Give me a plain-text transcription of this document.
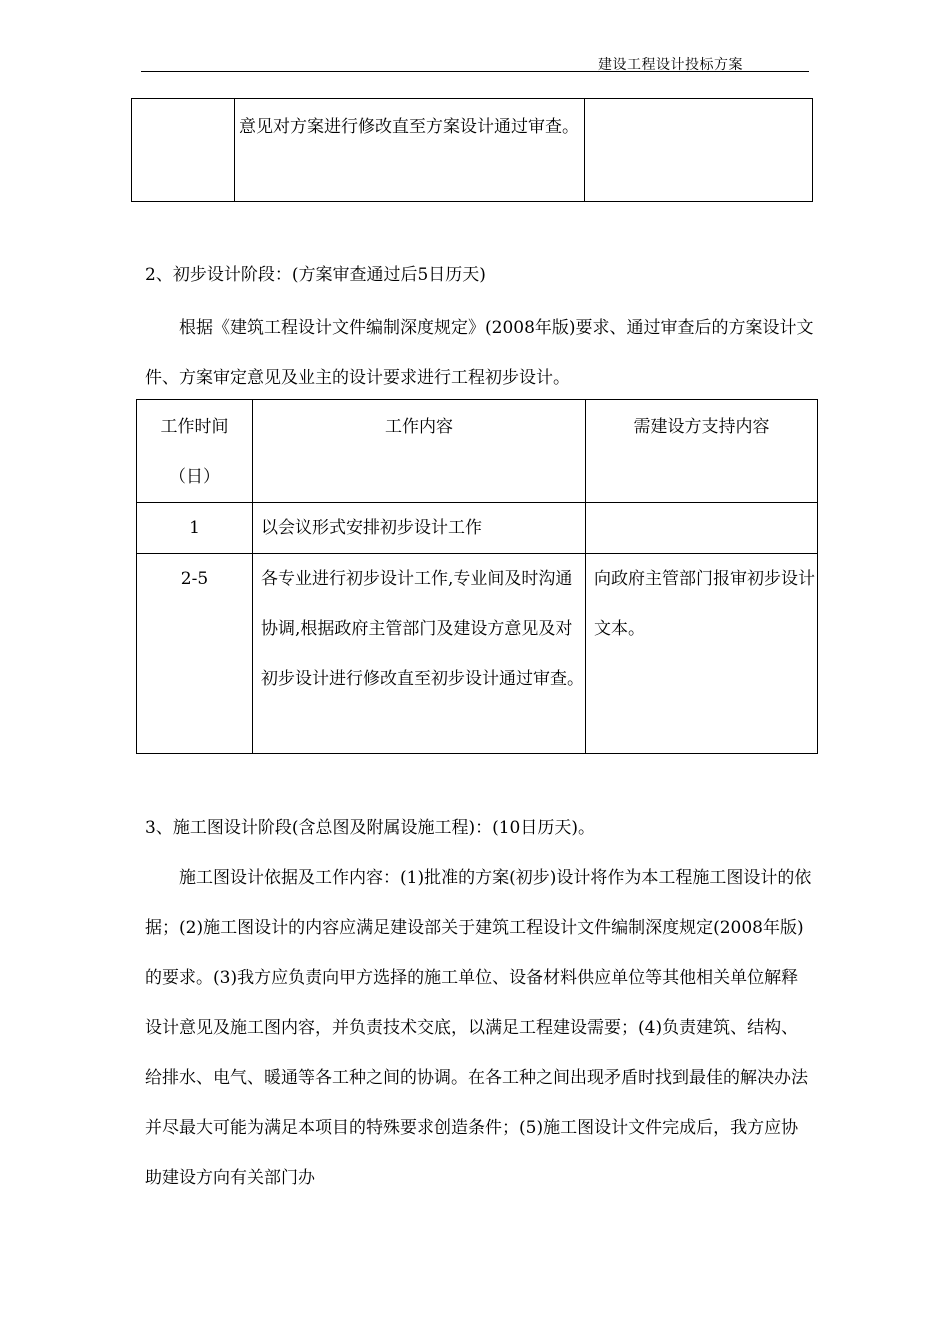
建设工程设计投标方案

意见对方案进行修改直至方案设计通过审查。

2、初步设计阶段：(方案审查通过后5日历天)

根据《建筑工程设计文件编制深度规定》(2008年版)要求、通过审查后的方案设计文件、方案审定意见及业主的设计要求进行工程初步设计。

工作时间（日）	工作内容	需建设方支持内容

1	以会议形式安排初步设计工作	

2-5	各专业进行初步设计工作,专业间及时沟通协调,根据政府主管部门及建设方意见及对初步设计进行修改直至初步设计通过审查。	向政府主管部门报审初步设计文本。

3、施工图设计阶段(含总图及附属设施工程)：(10日历天)。

施工图设计依据及工作内容：(1)批准的方案(初步)设计将作为本工程施工图设计的依据；(2)施工图设计的内容应满足建设部关于建筑工程设计文件编制深度规定(2008年版)的要求。(3)我方应负责向甲方选择的施工单位、设备材料供应单位等其他相关单位解释设计意见及施工图内容，并负责技术交底，以满足工程建设需要；(4)负责建筑、结构、给排水、电气、暖通等各工种之间的协调。在各工种之间出现矛盾时找到最佳的解决办法并尽最大可能为满足本项目的特殊要求创造条件；(5)施工图设计文件完成后，我方应协助建设方向有关部门办
